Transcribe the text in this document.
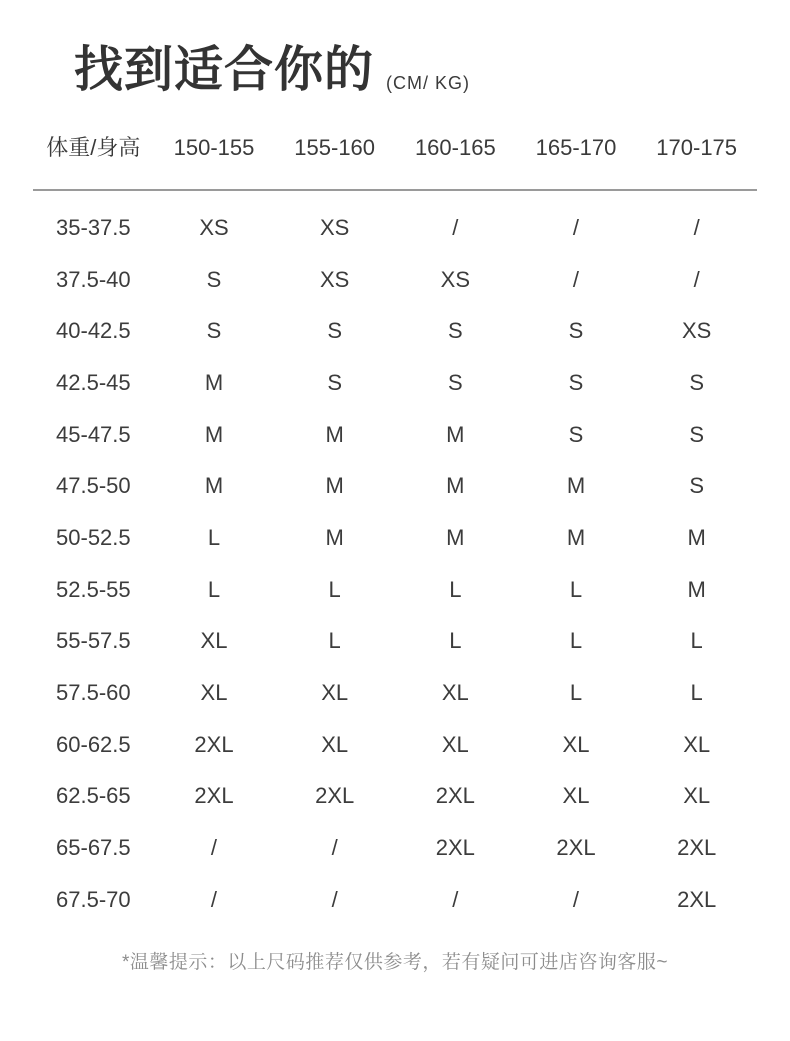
找到适合你的 (CM/ KG)
体重/身高	150-155	155-160	160-165	165-170	170-175
35-37.5	XS	XS	/	/	/
37.5-40	S	XS	XS	/	/
40-42.5	S	S	S	S	XS
42.5-45	M	S	S	S	S
45-47.5	M	M	M	S	S
47.5-50	M	M	M	M	S
50-52.5	L	M	M	M	M
52.5-55	L	L	L	L	M
55-57.5	XL	L	L	L	L
57.5-60	XL	XL	XL	L	L
60-62.5	2XL	XL	XL	XL	XL
62.5-65	2XL	2XL	2XL	XL	XL
65-67.5	/	/	2XL	2XL	2XL
67.5-70	/	/	/	/	2XL
*温馨提示：以上尺码推荐仅供参考，若有疑问可进店咨询客服~
